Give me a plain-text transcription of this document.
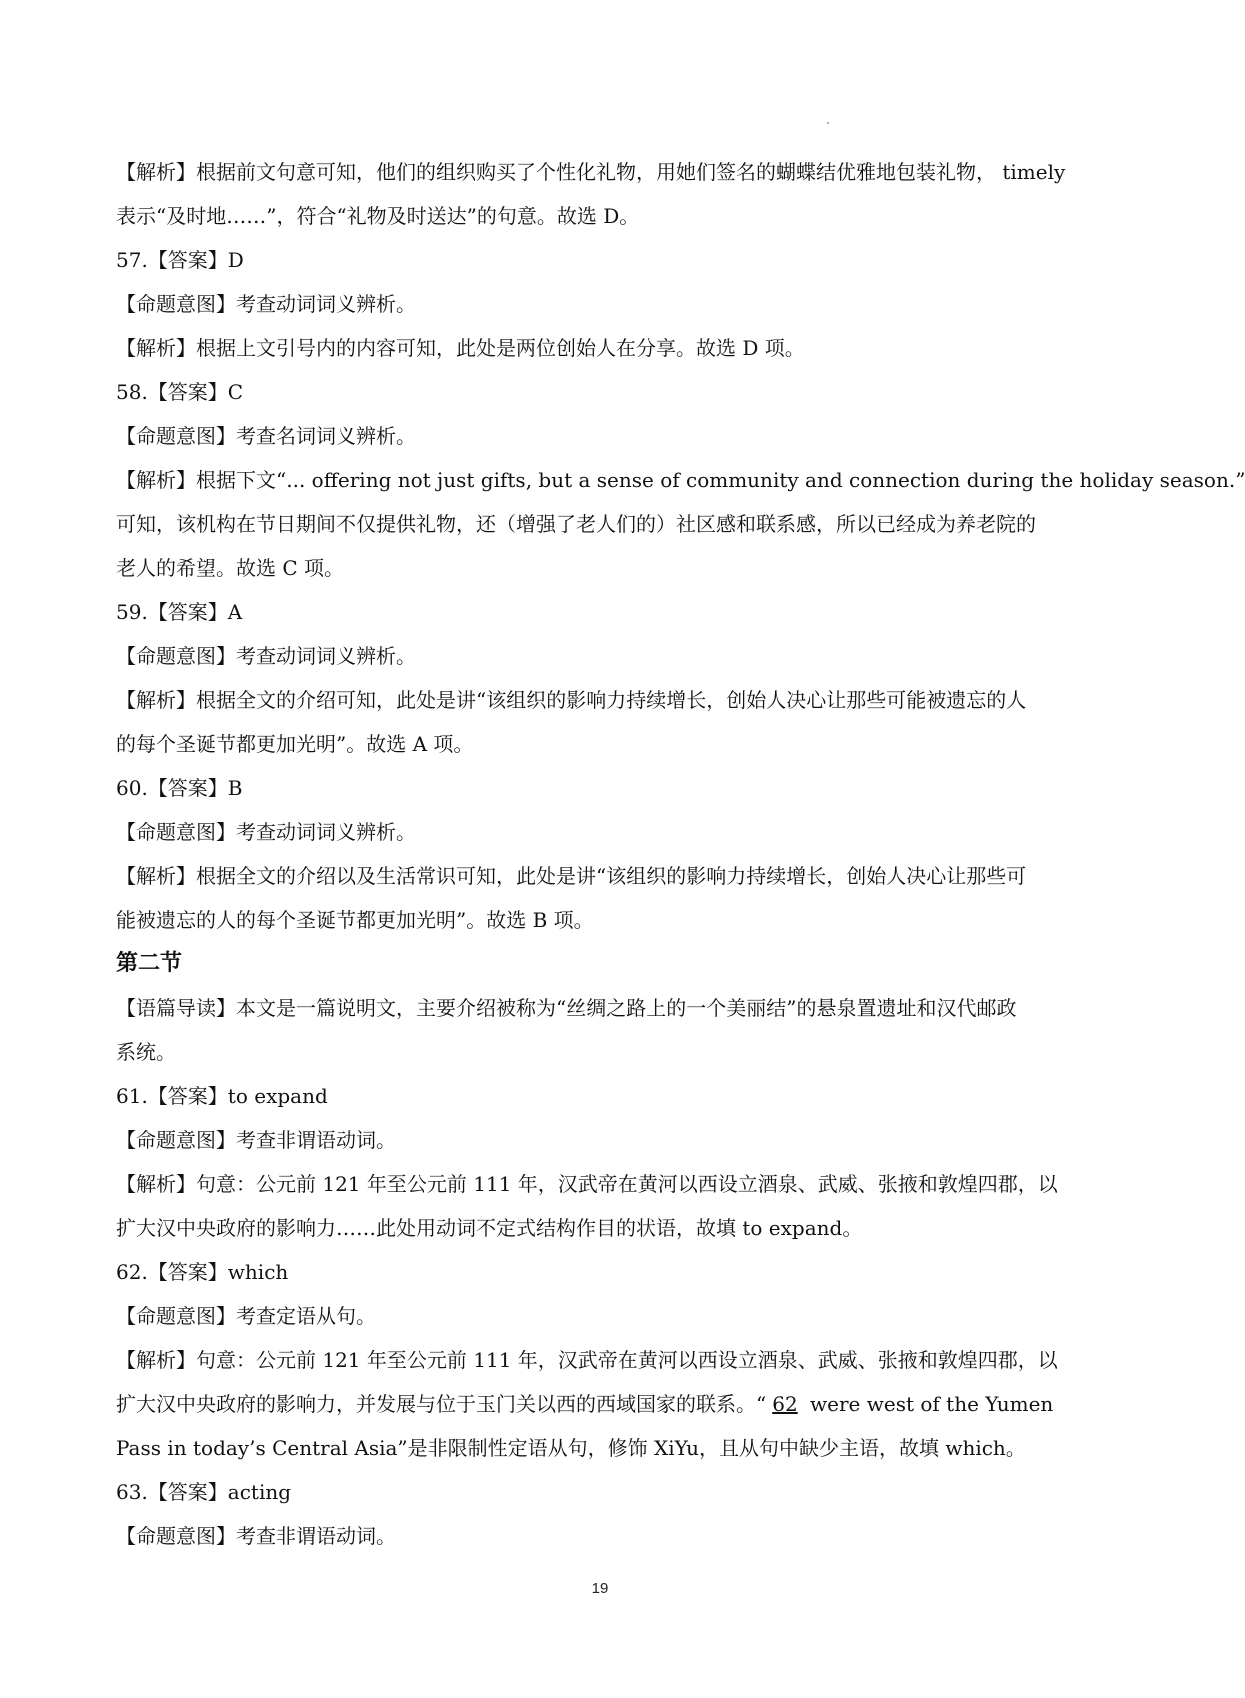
【解析】根据前文句意可知，他们的组织购买了个性化礼物，用她们签名的蝴蝶结优雅地包装礼物， timely
表示“及时地……”，符合“礼物及时送达”的句意。故选 D。
57.【答案】D
【命题意图】考查动词词义辨析。
【解析】根据上文引号内的内容可知，此处是两位创始人在分享。故选 D 项。
58.【答案】C
【命题意图】考查名词词义辨析。
【解析】根据下文“... offering not just gifts, but a sense of community and connection during the holiday season.”
可知，该机构在节日期间不仅提供礼物，还（增强了老人们的）社区感和联系感，所以已经成为养老院的
老人的希望。故选 C 项。
59.【答案】A
【命题意图】考查动词词义辨析。
【解析】根据全文的介绍可知，此处是讲“该组织的影响力持续增长，创始人决心让那些可能被遗忘的人
的每个圣诞节都更加光明”。故选 A 项。
60.【答案】B
【命题意图】考查动词词义辨析。
【解析】根据全文的介绍以及生活常识可知，此处是讲“该组织的影响力持续增长，创始人决心让那些可
能被遗忘的人的每个圣诞节都更加光明”。故选 B 项。
第二节
【语篇导读】本文是一篇说明文，主要介绍被称为“丝绸之路上的一个美丽结”的悬泉置遗址和汉代邮政
系统。
61.【答案】to expand
【命题意图】考查非谓语动词。
【解析】句意：公元前 121 年至公元前 111 年，汉武帝在黄河以西设立酒泉、武威、张掖和敦煌四郡，以
扩大汉中央政府的影响力……此处用动词不定式结构作目的状语，故填 to expand。
62.【答案】which
【命题意图】考查定语从句。
【解析】句意：公元前 121 年至公元前 111 年，汉武帝在黄河以西设立酒泉、武威、张掖和敦煌四郡，以
扩大汉中央政府的影响力，并发展与位于玉门关以西的西域国家的联系。“ 62 were west of the Yumen
Pass in today’s Central Asia”是非限制性定语从句，修饰 XiYu，且从句中缺少主语，故填 which。
63.【答案】acting
【命题意图】考查非谓语动词。
19
